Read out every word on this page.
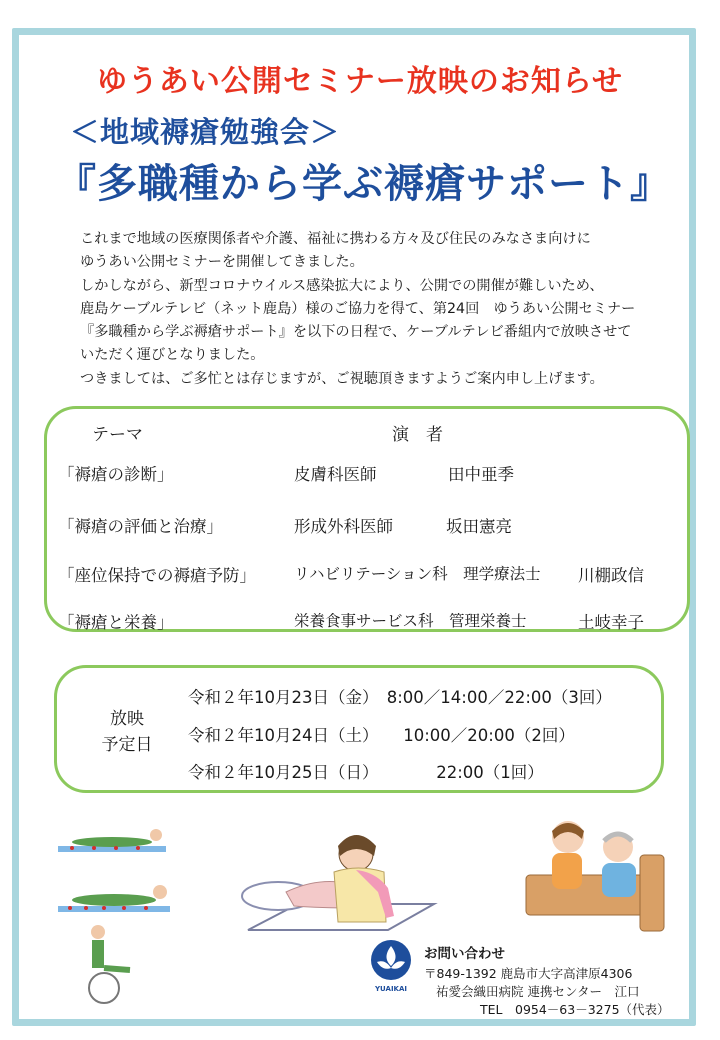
ゆうあい公開セミナー放映のお知らせ
＜地域褥瘡勉強会＞
『多職種から学ぶ褥瘡サポート』

これまで地域の医療関係者や介護、福祉に携わる方々及び住民のみなさま向けに

ゆうあい公開セミナーを開催してきました。

しかしながら、新型コロナウイルス感染拡大により、公開での開催が難しいため、

鹿島ケーブルテレビ（ネット鹿島）様のご協力を得て、第24回　ゆうあい公開セミナー

『多職種から学ぶ褥瘡サポート』を以下の日程で、ケーブルテレビ番組内で放映させて

いただく運びとなりました。

つきましては、ご多忙とは存じますが、ご視聴頂きますようご案内申し上げます。

テーマ	演　者
「褥瘡の診断」	皮膚科医師	田中亜季
「褥瘡の評価と治療」	形成外科医師	坂田憲亮
「座位保持での褥瘡予防」 リハビリテーション科　理学療法士 川棚政信
「褥瘡と栄養」	栄養食事サービス科　管理栄養士	土岐幸子
放映
予定日
令和２年10月23日（金）　8:00／14:00／22:00（3回）
令和２年10月24日（土）　　10:00／20:00（2回）
令和２年10月25日（日）　　　　22:00（1回）
YUAIKAI
お問い合わせ
〒849-1392 鹿島市大字高津原4306
祐愛会織田病院 連携センター　江口
TEL　0954－63－3275（代表）
